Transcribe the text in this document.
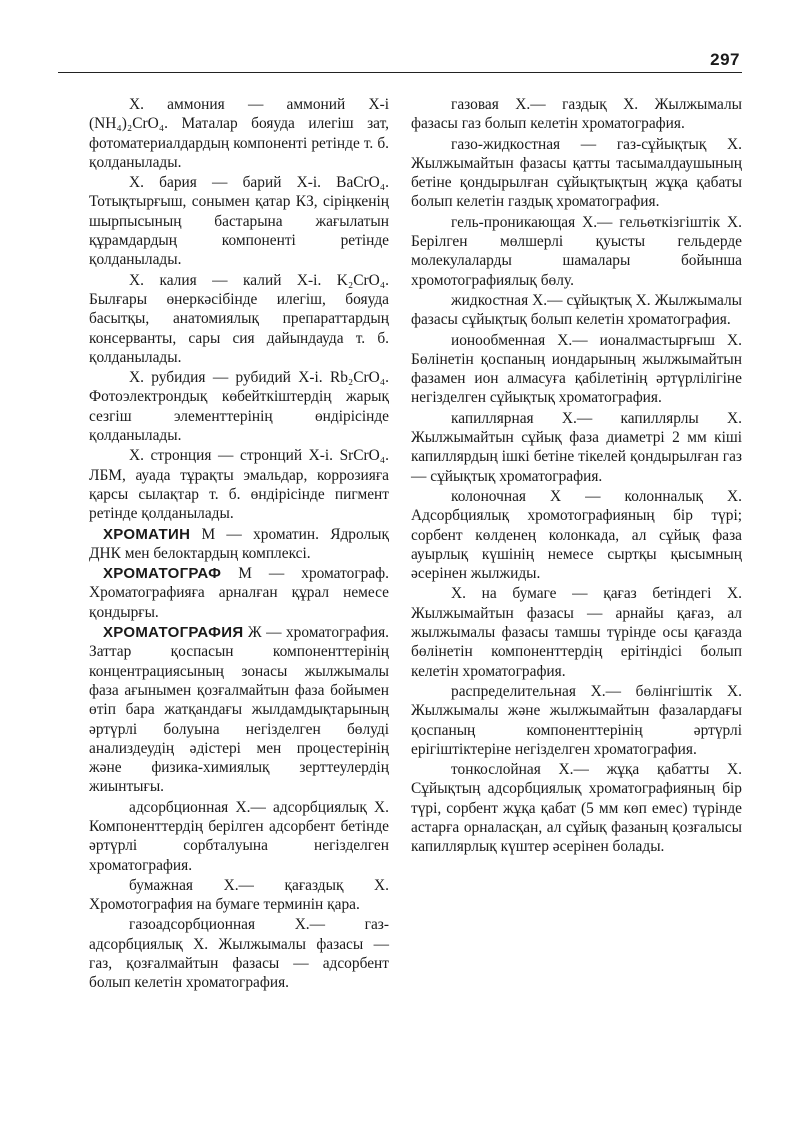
297

X. аммония — аммоний X-і (NH₄)₂CrO₄. Маталар бояуда илегіш зат, фотоматериалдардың компоненті ретінде т. б. қолданылады.

X. бария — барий X-і. BaCrO₄. Тотықтырғыш, сонымен қатар КЗ, сіріңкенің шырпысының бастарына жағылатын құрамдардың компоненті ретінде қолданылады.

X. калия — калий X-і. K₂CrO₄. Былғары өнеркәсібінде илегіш, бояуда басытқы, анатомиялық препараттардың консерванты, сары сия дайындауда т. б. қолданылады.

X. рубидия — рубидий X-і. Rb₂CrO₄. Фотоэлектрондық көбейткіштердің жарық сезгіш элементтерінің өндірісінде қолданылады.

X. стронция — стронций X-і. SrCrO₄. ЛБМ, ауада тұрақты эмальдар, коррозияға қарсы сылақтар т. б. өндірісінде пигмент ретінде қолданылады.

ХРОМАТИН М — хроматин. Ядролық ДНК мен белоктардың комплексі.

ХРОМАТОГРАФ М — хроматограф. Хроматографияға арналған құрал немесе қондырғы.

ХРОМАТОГРАФИЯ Ж — хроматография. Заттар қоспасын компоненттерінің концентрациясының зонасы жылжымалы фаза ағынымен қозғалмайтын фаза бойымен өтіп бара жатқандағы жылдамдықтарының әртүрлі болуына негізделген бөлуді анализдеудің әдістері мен процестерінің және физика-химиялық зерттеулердің жиынтығы.

адсорбционная Х.— адсорбциялық Х. Компоненттердің берілген адсорбент бетінде әртүрлі сорбталуына негізделген хроматография.

бумажная Х.— қағаздық Х. Хромотография на бумаге терминін қара.

газоадсорбционная Х.— газ-адсорбциялық Х. Жылжымалы фазасы — газ, қозғалмайтын фазасы — адсорбент болып келетін хроматография.

газовая Х.— газдық Х. Жылжымалы фазасы газ болып келетін хроматография.

газо-жидкостная — газ-сұйықтық Х. Жылжымайтын фазасы қатты тасымалдаушының бетіне қондырылған сұйықтықтың жұқа қабаты болып келетін газдық хроматография.

гель-проникающая Х.— гельөткізгіштік Х. Берілген мөлшерлі қуысты гельдерде молекулаларды шамалары бойынша хромотографиялық бөлу.

жидкостная Х.— сұйықтық Х. Жылжымалы фазасы сұйықтық болып келетін хроматография.

ионообменная Х.— ионалмастырғыш Х. Бөлінетін қоспаның иондарының жылжымайтын фазамен ион алмасуға қабілетінің әртүрлілігіне негізделген сұйықтық хроматография.

капиллярная Х.— капиллярлы Х. Жылжымайтын сұйық фаза диаметрі 2 мм кіші капиллярдың ішкі бетіне тікелей қондырылған газ — сұйықтық хроматография.

колоночная Х — колонналық Х. Адсорбциялық хромотографияның бір түрі; сорбент көлденең колонкада, ал сұйық фаза ауырлық күшінің немесе сыртқы қысымның әсерінен жылжиды.

Х. на бумаге — қағаз бетіндегі Х. Жылжымайтын фазасы — арнайы қағаз, ал жылжымалы фазасы тамшы түрінде осы қағазда бөлінетін компоненттердің ерітіндісі болып келетін хроматография.

распределительная Х.— бөлінгіштік Х. Жылжымалы және жылжымайтын фазалардағы қоспаның компоненттерінің әртүрлі ерігіштіктеріне негізделген хроматография.

тонкослойная Х.— жұқа қабатты Х. Сұйықтың адсорбциялық хроматографияның бір түрі, сорбент жұқа қабат (5 мм көп емес) түрінде астарға орналасқан, ал сұйық фазаның қозғалысы капиллярлық күштер әсерінен болады.
